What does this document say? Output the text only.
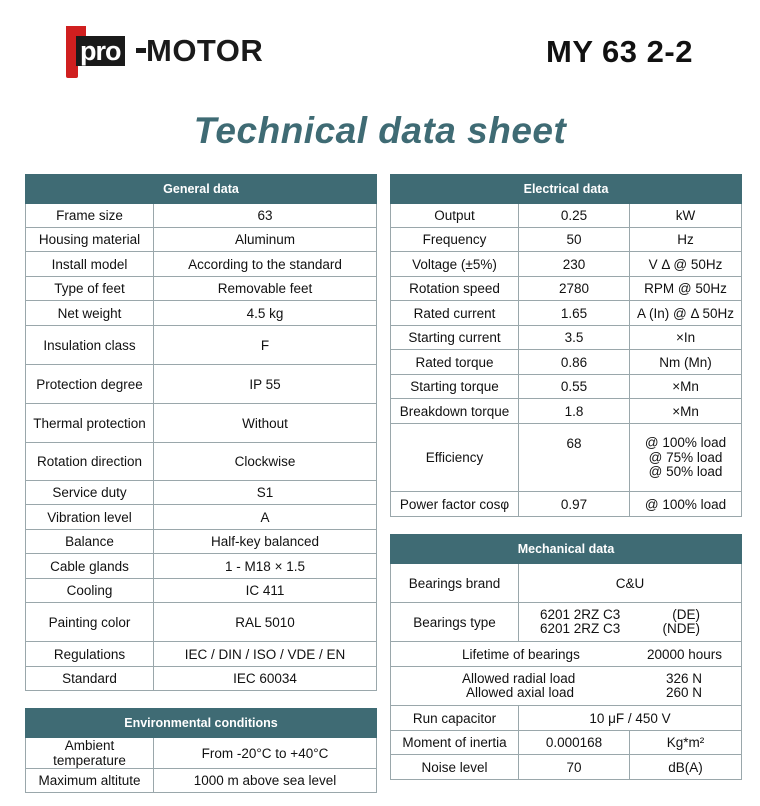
pro MOTOR	MY 63 2-2
Technical data sheet
General data	
Frame size	63
Housing material	Aluminum
Install model	According to the standard
Type of feet	Removable feet
Net weight	4.5 kg
Insulation class	F
Protection degree	IP 55
Thermal protection	Without
Rotation direction	Clockwise
Service duty	S1
Vibration level	A
Balance	Half-key balanced
Cable glands	1 - M18 × 1.5
Cooling	IC 411
Painting color	RAL 5010
Regulations	IEC / DIN / ISO / VDE / EN
Standard	IEC 60034
Environmental conditions	
Ambient temperature	From -20°C to +40°C
Maximum altitute	1000 m above sea level
Electrical data		
Output	0.25	kW
Frequency	50	Hz
Voltage (±5%)	230	V Δ @ 50Hz
Rotation speed	2780	RPM @ 50Hz
Rated current	1.65	A (In) @ Δ 50Hz
Starting current	3.5	×In
Rated torque	0.86	Nm (Mn)
Starting torque	0.55	×Mn
Breakdown torque	1.8	×Mn
Efficiency	68	@ 100% load
@ 75% load
@ 50% load

Power factor cosφ	0.97	@ 100% load
Mechanical data		
Bearings brand	C&U	
Bearings type	6201 2RZ C3 (DE)
6201 2RZ C3 (NDE)	

Lifetime of bearings 20000 hours		

Allowed radial load 326 N
Allowed axial load 260 N		

Run capacitor	10 μF / 450 V	
Moment of inertia	0.000168	Kg*m²
Noise level	70	dB(A)
